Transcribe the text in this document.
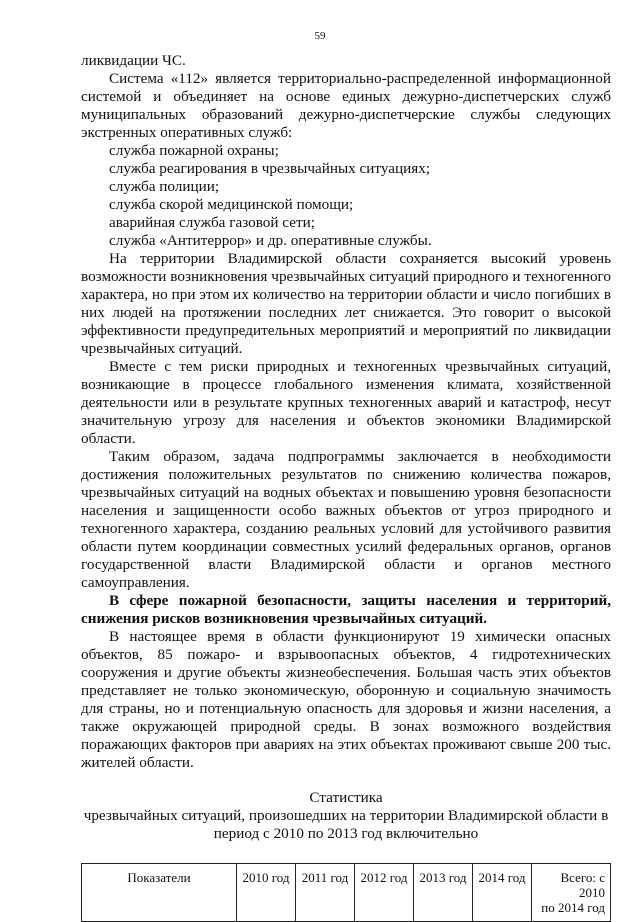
59

ликвидации ЧС.

Система «112» является территориально-распределенной информационной системой и объединяет на основе единых дежурно-диспетчерских служб муниципальных образований дежурно-диспетчерские службы следующих экстренных оперативных служб:

служба пожарной охраны;

служба реагирования в чрезвычайных ситуациях;

служба полиции;

служба скорой медицинской помощи;

аварийная служба газовой сети;

служба «Антитеррор» и др. оперативные службы.

На территории Владимирской области сохраняется высокий уровень возможности возникновения чрезвычайных ситуаций природного и техногенного характера, но при этом их количество на территории области и число погибших в них людей на протяжении последних лет снижается. Это говорит о высокой эффективности предупредительных мероприятий и мероприятий по ликвидации чрезвычайных ситуаций.

Вместе с тем риски природных и техногенных чрезвычайных ситуаций, возникающие в процессе глобального изменения климата, хозяйственной деятельности или в результате крупных техногенных аварий и катастроф, несут значительную угрозу для населения и объектов экономики Владимирской области.

Таким образом, задача подпрограммы заключается в необходимости достижения положительных результатов по снижению количества пожаров, чрезвычайных ситуаций на водных объектах и повышению уровня безопасности населения и защищенности особо важных объектов от угроз природного и техногенного характера, созданию реальных условий для устойчивого развития области путем координации совместных усилий федеральных органов, органов государственной власти Владимирской области и органов местного самоуправления.

В сфере пожарной безопасности, защиты населения и территорий, снижения рисков возникновения чрезвычайных ситуаций.

В настоящее время в области функционируют 19 химически опасных объектов, 85 пожаро- и взрывоопасных объектов, 4 гидротехнических сооружения и другие объекты жизнеобеспечения. Большая часть этих объектов представляет не только экономическую, оборонную и социальную значимость для страны, но и потенциальную опасность для здоровья и жизни населения, а также окружающей природной среды. В зонах возможного воздействия поражающих факторов при авариях на этих объектах проживают свыше 200 тыс. жителей области.

Статистика
чрезвычайных ситуаций, произошедших на территории Владимирской области в
период с 2010 по 2013 год включительно
Показатели	2010 год	2011 год	2012 год	2013 год	2014 год	Всего: с 2010
по 2014 год
